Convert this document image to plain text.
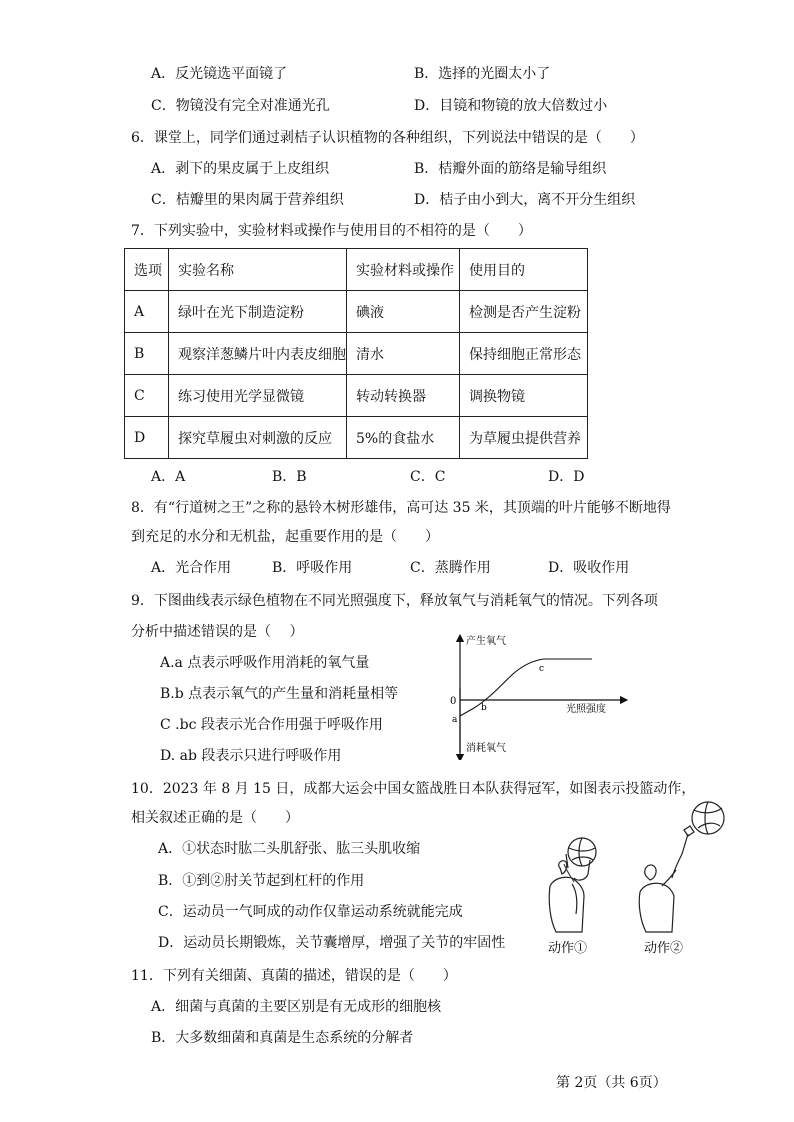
A．反光镜选平面镜了	B．选择的光圈太小了
C．物镜没有完全对准通光孔	D．目镜和物镜的放大倍数过小
6．课堂上，同学们通过剥桔子认识植物的各种组织，下列说法中错误的是（　　）
A．剥下的果皮属于上皮组织	B．桔瓣外面的筋络是输导组织
C．桔瓣里的果肉属于营养组织	D．桔子由小到大，离不开分生组织
7．下列实验中，实验材料或操作与使用目的不相符的是（　　）
选项	实验名称	实验材料或操作	使用目的
A	绿叶在光下制造淀粉	碘液	检测是否产生淀粉
B	观察洋葱鳞片叶内表皮细胞	清水	保持细胞正常形态
C	练习使用光学显微镜	转动转换器	调换物镜
D	探究草履虫对刺激的反应	5%的食盐水	为草履虫提供营养
A．A	B．B	C．C	D．D
8．有“行道树之王”之称的悬铃木树形雄伟，高可达 35 米，其顶端的叶片能够不断地得
到充足的水分和无机盐，起重要作用的是（　　）
A．光合作用	B．呼吸作用	C．蒸腾作用	D．吸收作用
9．下图曲线表示绿色植物在不同光照强度下，释放氧气与消耗氧气的情况。下列各项
分析中描述错误的是（　 ）
A.a 点表示呼吸作用消耗的氧气量
B.b 点表示氧气的产生量和消耗量相等
C .bc 段表示光合作用强于呼吸作用
D. ab 段表示只进行呼吸作用
产生氧气
消耗氧气
光照强度
0
a
b
c
10．2023 年 8 月 15 日，成都大运会中国女篮战胜日本队获得冠军，如图表示投篮动作，
相关叙述正确的是（　　）
A．①状态时肱二头肌舒张、肱三头肌收缩
B．①到②肘关节起到杠杆的作用
C．运动员一气呵成的动作仅靠运动系统就能完成
D．运动员长期锻炼，关节囊增厚，增强了关节的牢固性	动作①	动作②
11．下列有关细菌、真菌的描述，错误的是（　　）
A．细菌与真菌的主要区别是有无成形的细胞核
B．大多数细菌和真菌是生态系统的分解者
第 2页（共 6页）
